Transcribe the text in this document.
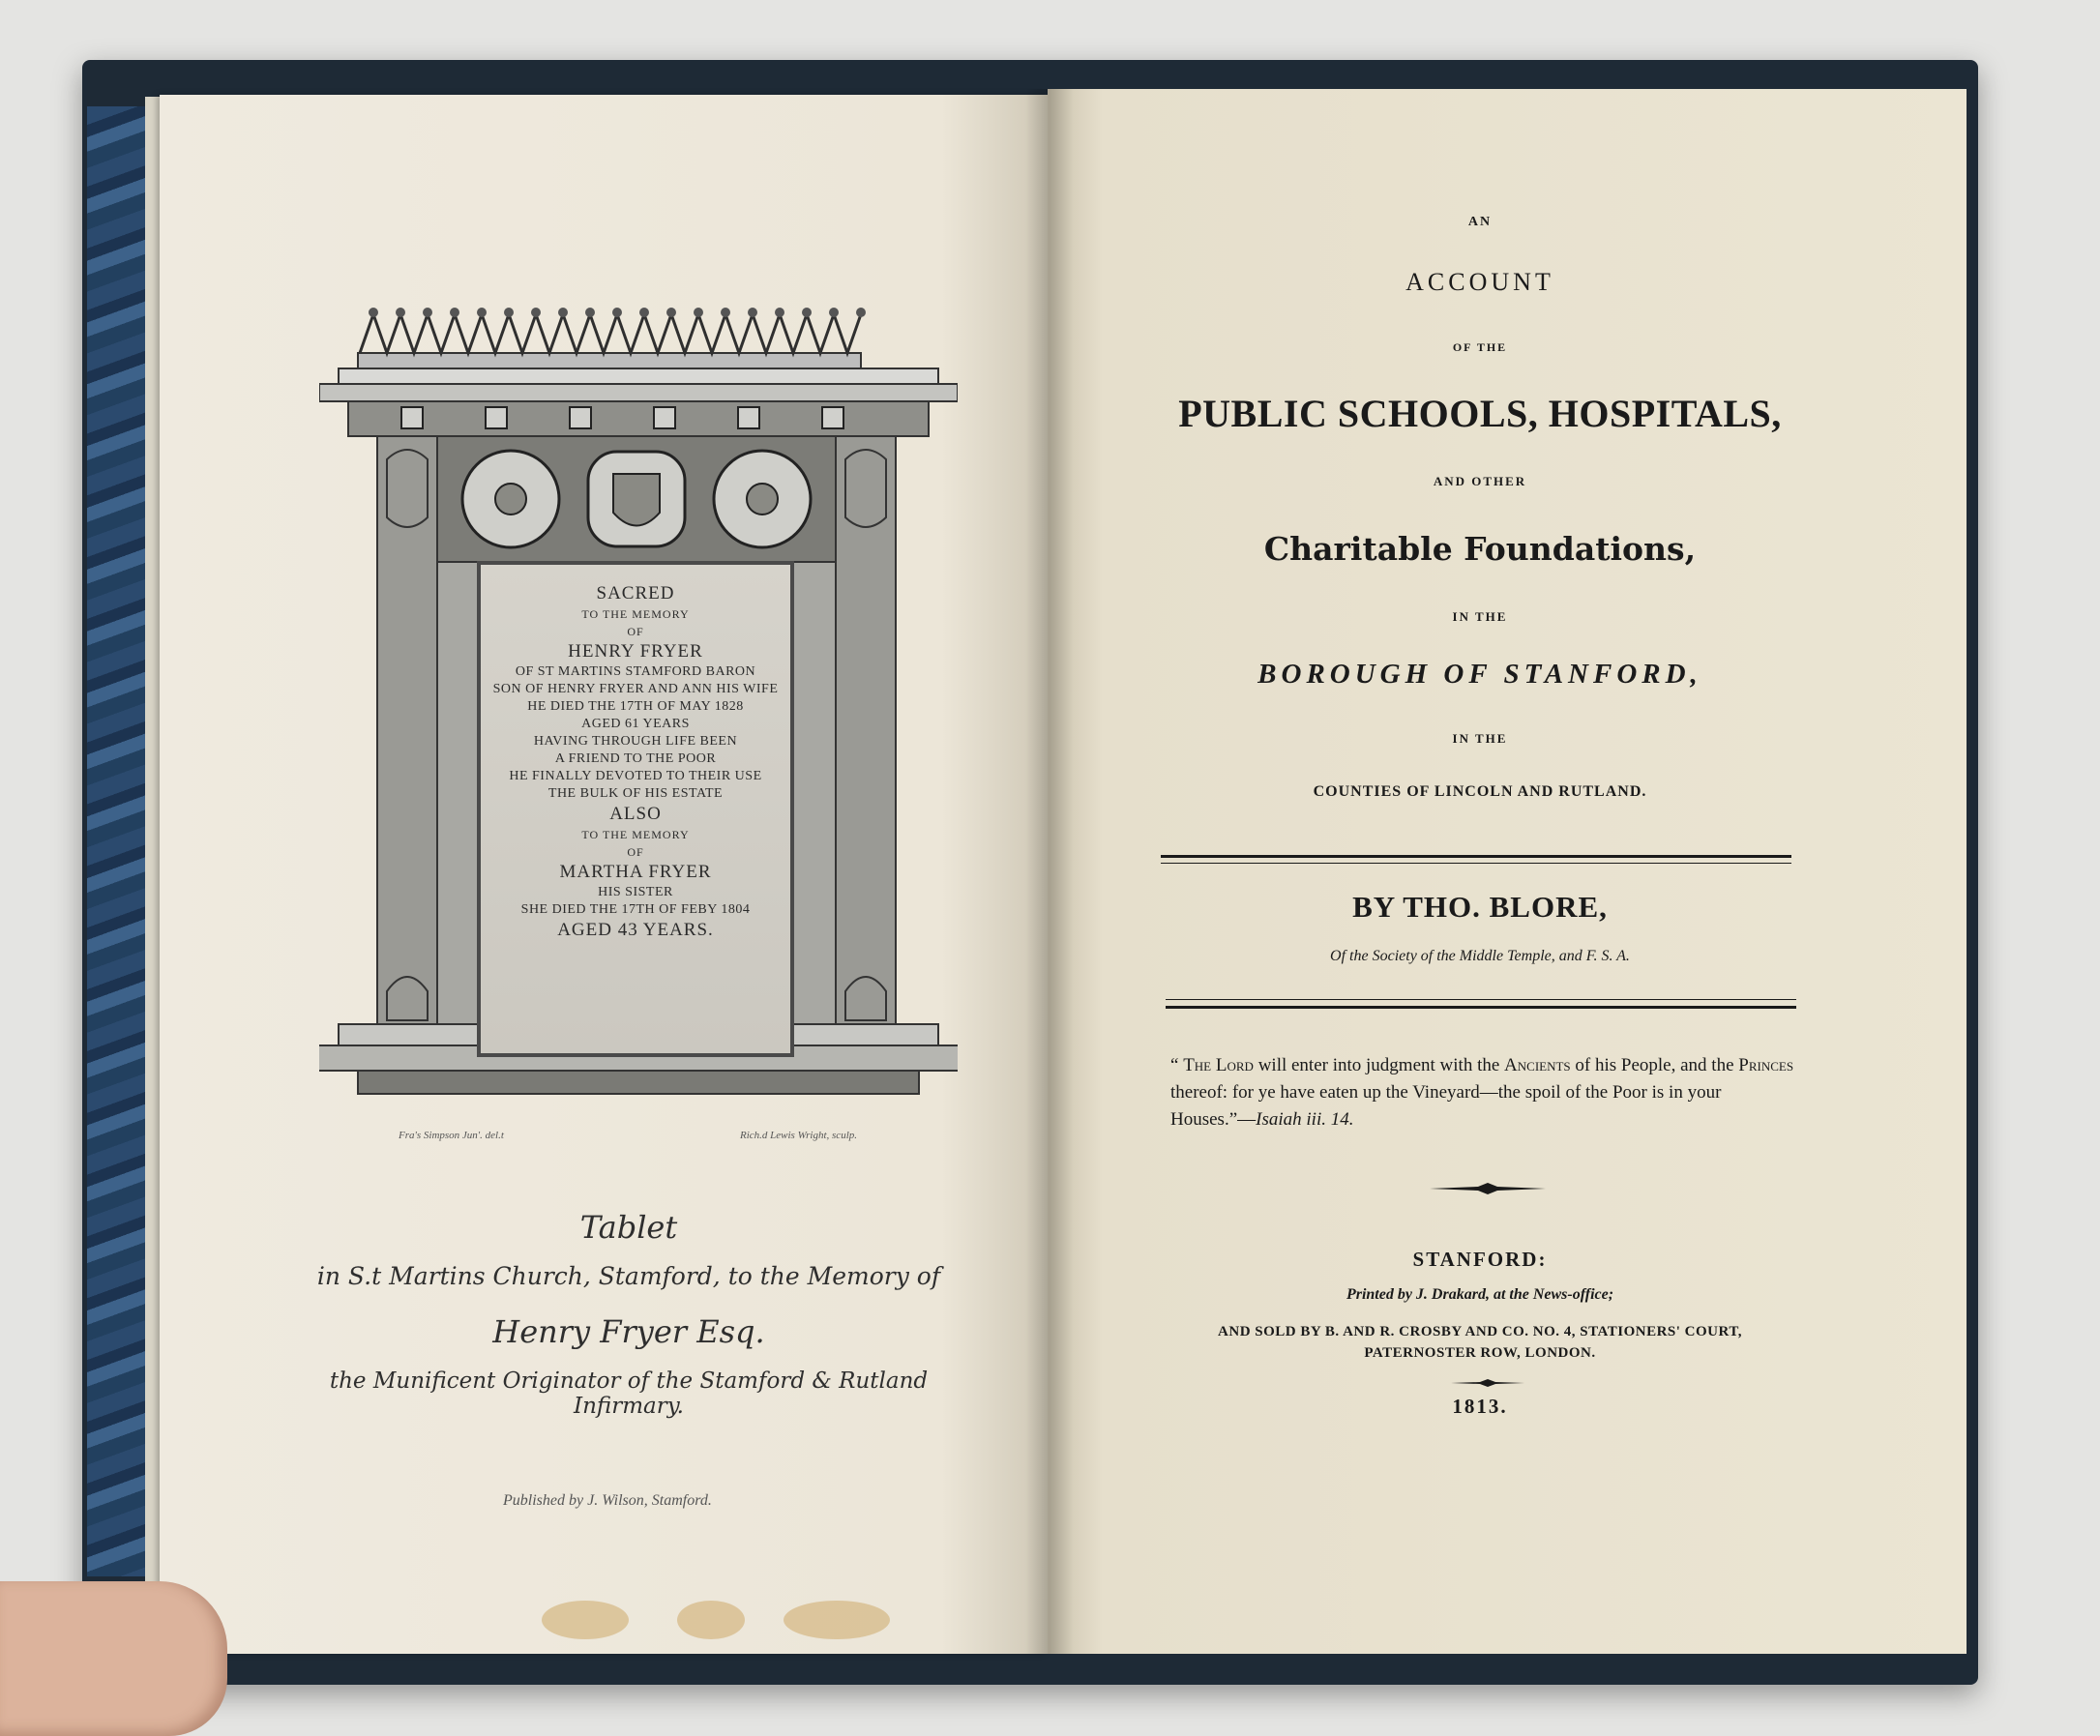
SACRED
TO THE MEMORY
OF
HENRY FRYER
OF ST MARTINS STAMFORD BARON
SON OF HENRY FRYER AND ANN HIS WIFE
HE DIED THE 17TH OF MAY 1828
AGED 61 YEARS
HAVING THROUGH LIFE BEEN
A FRIEND TO THE POOR
HE FINALLY DEVOTED TO THEIR USE
THE BULK OF HIS ESTATE
ALSO
TO THE MEMORY
OF
MARTHA FRYER
HIS SISTER
SHE DIED THE 17TH OF FEBY 1804
AGED 43 YEARS.
Fra's Simpson Jun'. del.t	Rich.d Lewis Wright, sculp.
Tablet
in S.t Martins Church, Stamford, to the Memory of
Henry Fryer Esq.
the Munificent Originator of the Stamford & Rutland Infirmary.
Published by J. Wilson, Stamford.
AN
ACCOUNT
OF THE
PUBLIC SCHOOLS, HOSPITALS,
AND OTHER
Charitable Foundations,
IN THE
BOROUGH OF STANFORD,
IN THE
COUNTIES OF LINCOLN AND RUTLAND.
BY THO. BLORE,
Of the Society of the Middle Temple, and F. S. A.
“ The Lord will enter into judgment with the Ancients of his People, and the Princes thereof: for ye have eaten up the Vineyard—the spoil of the Poor is in your Houses.”—Isaiah iii. 14.
STANFORD:
Printed by J. Drakard, at the News-office;
AND SOLD BY B. AND R. CROSBY AND CO. NO. 4, STATIONERS' COURT,
PATERNOSTER ROW, LONDON.
1813.
